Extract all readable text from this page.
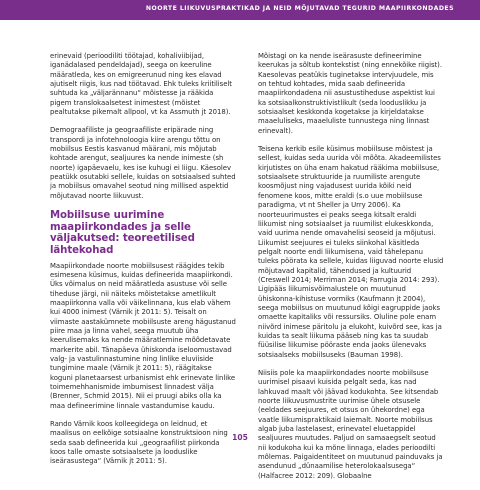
NOORTE LIIKUVUSPRAKTIKAD JA NEID MÕJUTAVAD TEGURID MAAPIIRKONDADES

erinevaid (perioodiliti töötajad, kohaliviibijad, iganädalased pendeldajad), seega on keeruline määratleda, kes on emigreerunud ning kes elavad ajutiselt riigis, kus nad töötavad. Ehk tuleks kriitiliselt suhtuda ka „väljarännanu“ mõistesse ja rääkida pigem translokaalsetest inimestest (mõistet pealtutakse pikemalt allpool, vt ka Assmuth jt 2018).

Demograafiliste ja geograafiliste eripärade ning transpordi ja infotehnoloogia kiire arengu tõttu on mobiilsus Eestis kasvanud määrani, mis mõjutab kohtade arengut, sealjuures ka nende inimeste (sh noorte) igapäevaelu, kes ise kuhugi ei liigu. Käesolev peatükk osutabki sellele, kuidas on sotsiaalsed suhted ja mobiilsus omavahel seotud ning millised aspektid mõjutavad noorte liikuvust.

Mobiilsuse uurimine maapiirkondades ja selle väljakutsed: teoreetilised lähtekohad

Maapiirkondade noorte mobiilsusest räägides tekib esimesena küsimus, kuidas defineerida maapiirkondi. Üks võimalus on neid määratleda asustuse või selle tiheduse järgi, nii näiteks mõistetakse ametlikult maapiirkonna valla või väikelinnana, kus elab vähem kui 4000 inimest (Värnik jt 2011: 5). Teisalt on viimaste aastakümnete mobiilsuste areng hägustanud piire maa ja linna vahel, seega muutub üha keerulisemaks ka nende määratlemine mõõdetavate markerite abil. Tänapäeva ühiskonda iseloomustavad valg- ja vastulinnastumine ning linlike eluviiside tungimine maale (Värnik jt 2011: 5), räägitakse koguni planetaarsest urbanismist ehk erinevate linlike toimemehhanismide imbumisest linnadest välja (Brenner, Schmid 2015). Nii ei pruugi abiks olla ka maa defineerimine linnale vastandumise kaudu.

Rando Värnik koos kolleegidega on leidnud, et maalisus on eelkõige sotsiaalne konstruktsioon ning seda saab defineerida kui „geograafilist piirkonda koos talle omaste sotsiaalsete ja looduslike iseärasustega“ (Värnik jt 2011: 5).

Mõistagi on ka nende iseärasuste defineerimine keerukas ja sõltub kontekstist (ning ennekõike riigist). Kaesolevas peatükis tuginetakse intervjuudele, mis on tehtud kohtades, mida saab defineerida maapiirkondadena nii asustustiheduse aspektist kui ka sotsiaalkonstruktivistlikult (seda looduslikku ja sotsiaalset keskkonda kogetakse ja kirjeldatakse maaeluliseks, maaeluliste tunnustega ning linnast erinevalt).

Teisena kerkib esile küsimus mobiilsuse mõistest ja sellest, kuidas seda uurida või mõõta. Akadeemilistes kirjutistes on üha enam hakatud rääkima mobiilsuse, sotsiaalsete struktuuride ja ruumiliste arengute koosmõjust ning vajadusest uurida kõiki neid fenomene koos, mitte eraldi (s.o uue mobiilsuse paradigma, vt nt Sheller ja Urry 2006). Ka noorteuurimustes ei peaks seega kitsalt eraldi liikumist ning sotsiaalset ja ruumilist elukeskkonda, vaid uurima nende omavahelisi seoseid ja mõjutusi. Liikumist seejuures ei tuleks siinkohal käsitleda pelgalt noorte endi liikumisena, vaid tähelepanu tuleks pöörata ka sellele, kuidas liiguvad noorte elusid mõjutavad kapitalid, tähendused ja kultuurid (Creswell 2014; Merriman 2014; Farrugia 2014: 293). Ligipääs liikumisvõimalustele on muutunud ühiskonna-kihistuse vormiks (Kaufmann jt 2004), seega mobiilsus on muutunud kõigi eagruppide jaoks omaette kapitaliks või ressursiks. Oluline pole enam niivõrd inimese päritolu ja elukoht, kuivõrd see, kas ja kuidas ta sealt liikuma pääseb ning kas ta suudab füüsilise liikumise pööraste enda jaoks ülenevaks sotsiaalseks mobiilsuseks (Bauman 1998).

Niisiis pole ka maapiirkondades noorte mobiilsuse uurimisel pisaavi kuisida pelgalt seda, kas nad lahkuvad maalt või jäävad kodukohta. See kitsendab noorte liikuvusmustrite uurimise ühele otsusele (eeldades seejuures, et otsus on ühekordne) ega vaatle liikumispraktikaid laiemalt. Noorte mobiilsus algab juba lastelasest, erinevatel eluetappidel sealjuures muutudes. Paljud on samaaegselt seotud nii kodukoha kui ka mõne linnaga, elades perioodilti mõlemas. Paigaidentiteet on muutunud painduvaks ja asendunud „dünaamilise heterolokaalsusega“ (Halfacree 2012: 209). Globaalne

105
